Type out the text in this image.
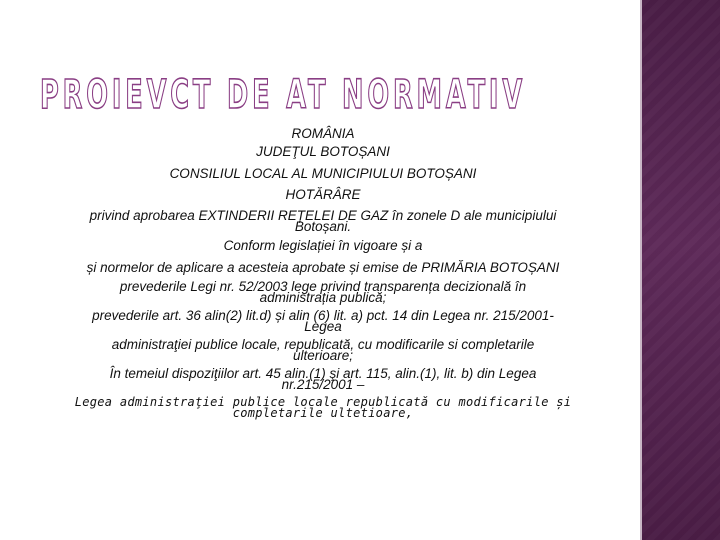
PROIEVCT DE AT NORMATIV
ROMÂNIA
JUDEŢUL BOTOȘANI
CONSILIUL LOCAL AL MUNICIPIULUI BOTOȘANI
HOTĂRÂRE
privind aprobarea EXTINDERII REȚELEI DE GAZ în zonele D ale municipiului
Botoșani.
Conform legislației în vigoare și a
și normelor de aplicare a acesteia aprobate și emise de PRIMĂRIA BOTOȘANI
prevederile Legi nr. 52/2003 lege privind transparența decizională în
administrația publică;
prevederile art. 36 alin(2) lit.d) și alin (6) lit. a) pct. 14 din Legea nr. 215/2001-
Legea
administraţiei publice locale, republicată, cu modificarile si completarile
ulterioare;
În temeiul dispoziţiilor art. 45 alin.(1) şi art. 115, alin.(1), lit. b) din Legea
nr.215/2001 –
Legea administraţiei publice locale republicată cu modificarile și
completarile ultetioare,
